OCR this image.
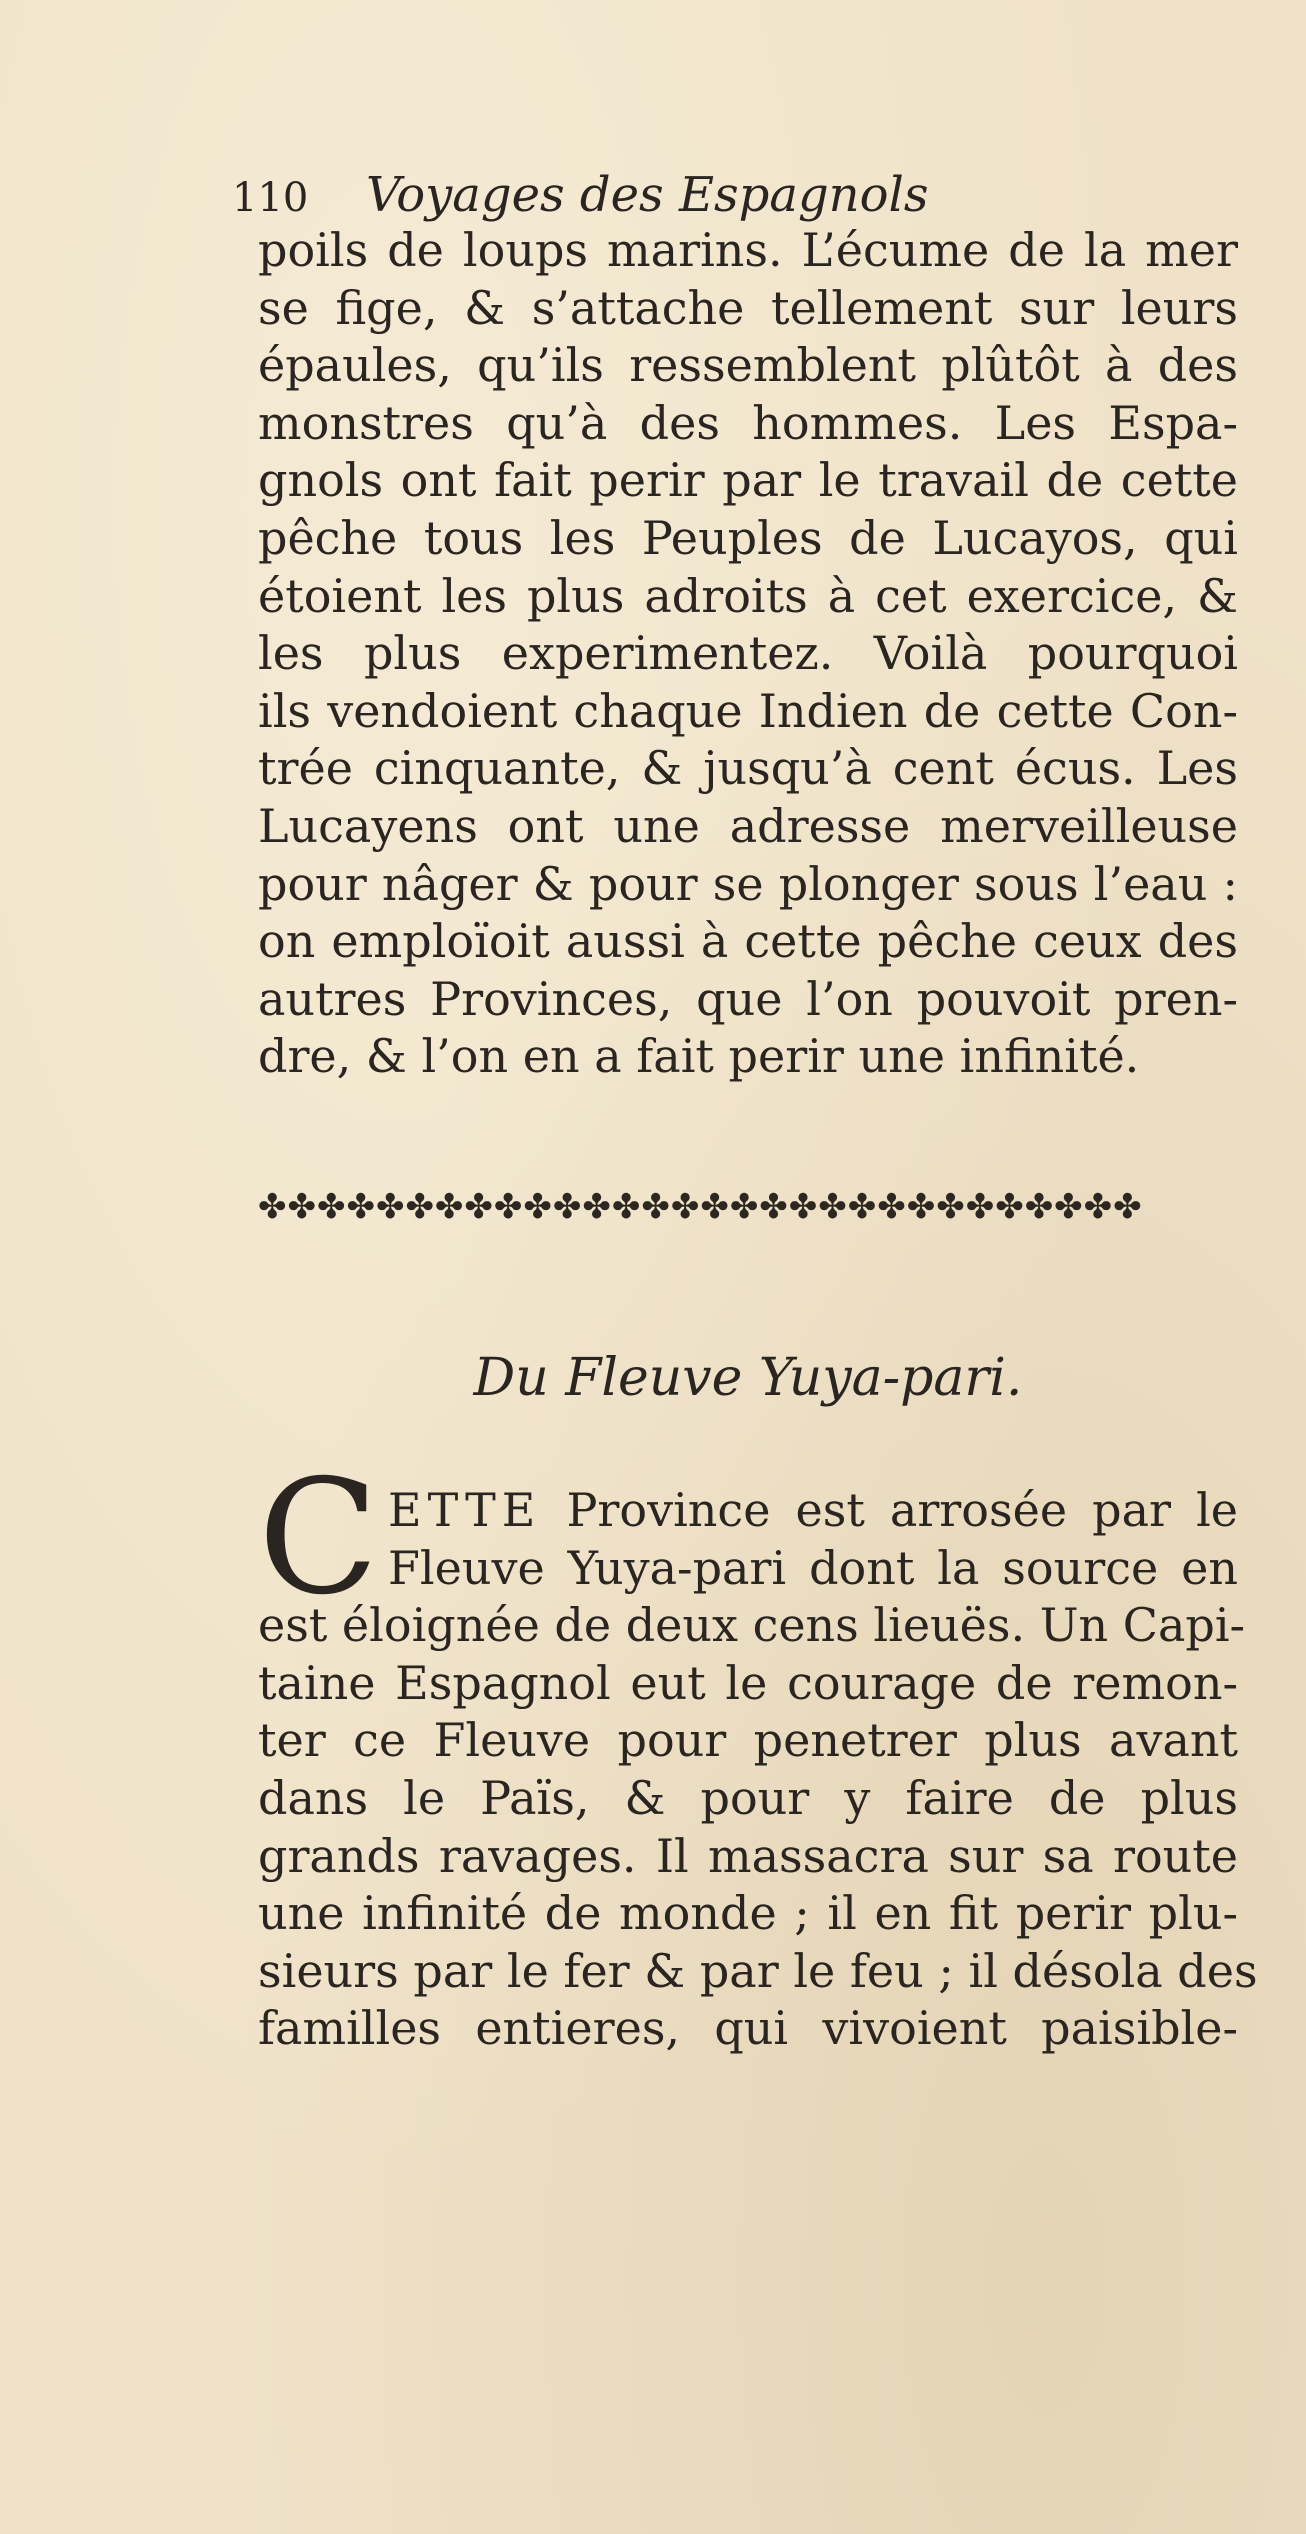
110 Voyages des Espagnols
poils de loups marins. L’écume de la mer
se fige, & s’attache tellement sur leurs
épaules, qu’ils ressemblent plûtôt à des
monstres qu’à des hommes. Les Espa-
gnols ont fait perir par le travail de cette
pêche tous les Peuples de Lucayos, qui
étoient les plus adroits à cet exercice, &
les plus experimentez. Voilà pourquoi
ils vendoient chaque Indien de cette Con-
trée cinquante, & jusqu’à cent écus. Les
Lucayens ont une adresse merveilleuse
pour nâger & pour se plonger sous l’eau :
on emploïoit aussi à cette pêche ceux des
autres Provinces, que l’on pouvoit pren-
dre, & l’on en a fait perir une infinité.
✤✤✤✤✤✤✤✤✤✤✤✤✤✤✤✤✤✤✤✤✤✤✤✤✤✤✤✤✤✤
Du Fleuve Yuya-pari.
C ETTE Province est arrosée par le
Fleuve Yuya-pari dont la source en
est éloignée de deux cens lieuës. Un Capi-
taine Espagnol eut le courage de remon-
ter ce Fleuve pour penetrer plus avant
dans le Païs, & pour y faire de plus
grands ravages. Il massacra sur sa route
une infinité de monde ; il en fit perir plu-
sieurs par le fer & par le feu ; il désola des
familles entieres, qui vivoient paisible-
